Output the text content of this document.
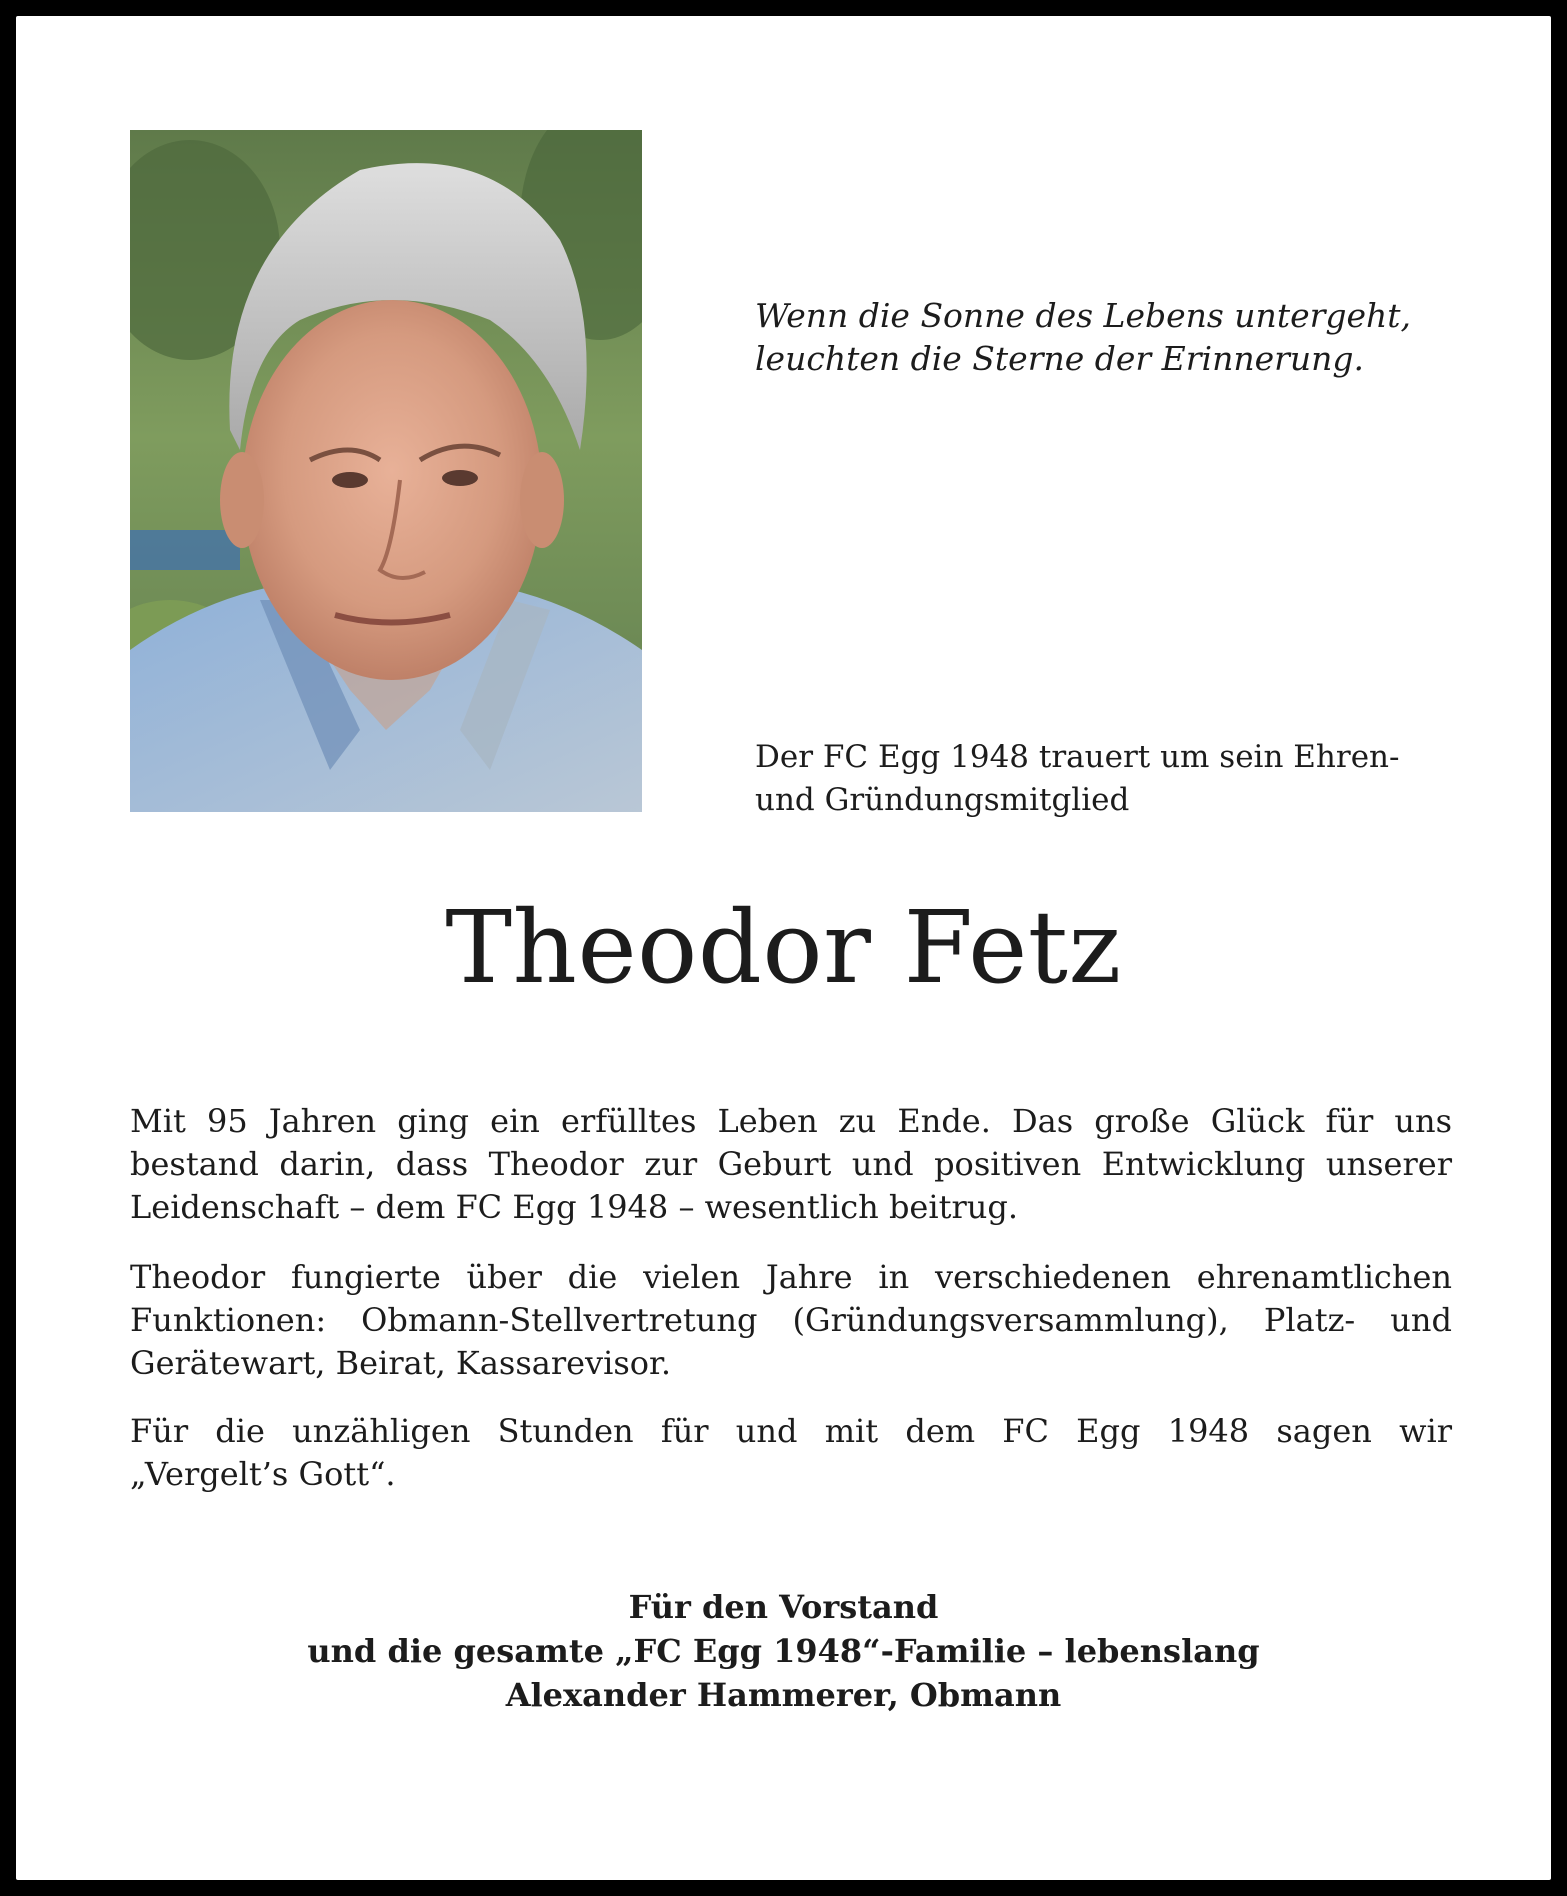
Wenn die Sonne des Lebens untergeht,
leuchten die Sterne der Erinnerung.

Der FC Egg 1948 trauert um sein Ehren-
und Gründungsmitglied

Theodor Fetz

Mit 95 Jahren ging ein erfülltes Leben zu Ende. Das große Glück für uns
bestand darin, dass Theodor zur Geburt und positiven Entwicklung unserer
Leidenschaft – dem FC Egg 1948 – wesentlich beitrug.

Theodor fungierte über die vielen Jahre in verschiedenen ehrenamtlichen
Funktionen: Obmann-Stellvertretung (Gründungsversammlung), Platz- und
Gerätewart, Beirat, Kassarevisor.

Für die unzähligen Stunden für und mit dem FC Egg 1948 sagen wir
„Vergelt’s Gott“.

Für den Vorstand
und die gesamte „FC Egg 1948“-Familie – lebenslang
Alexander Hammerer, Obmann
